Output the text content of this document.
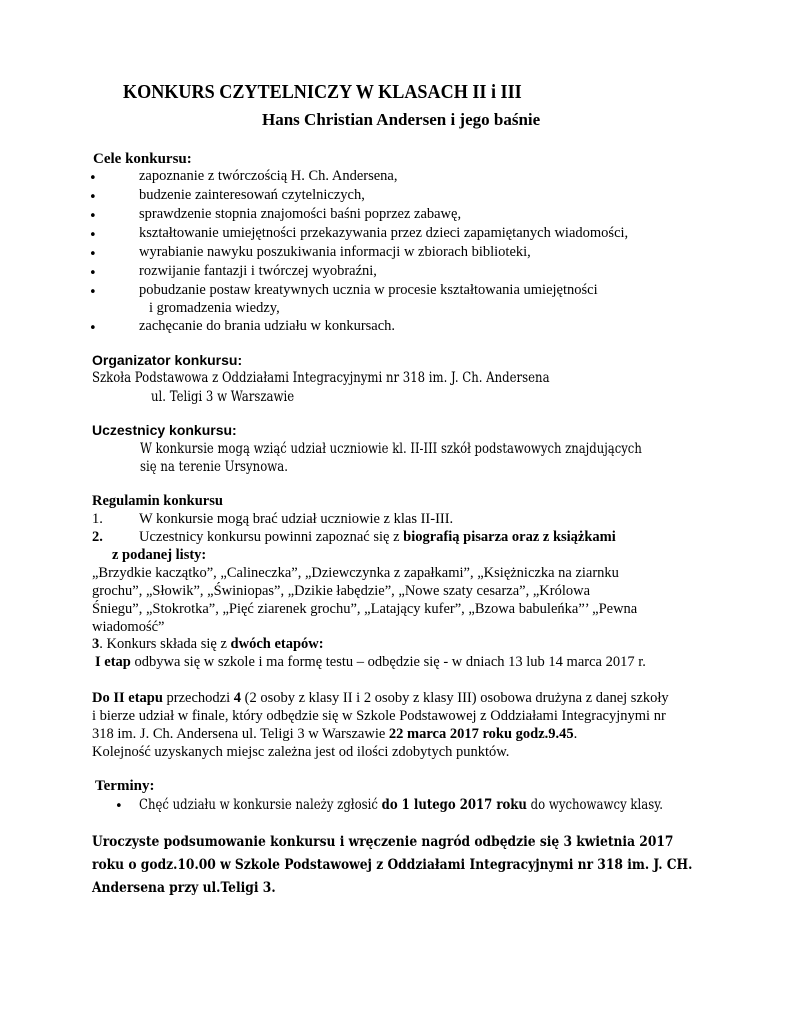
KONKURS CZYTELNICZY W KLASACH II i III
Hans Christian Andersen i jego baśnie
Cele konkursu:
•	zapoznanie z twórczością H. Ch. Andersena,
•	budzenie zainteresowań czytelniczych,
•	sprawdzenie stopnia znajomości baśni poprzez zabawę,
•	kształtowanie umiejętności przekazywania przez dzieci zapamiętanych wiadomości,
•	wyrabianie nawyku poszukiwania informacji w zbiorach biblioteki,
•	rozwijanie fantazji i twórczej wyobraźni,
•	pobudzanie postaw kreatywnych ucznia w procesie kształtowania umiejętności
i gromadzenia wiedzy,
•	zachęcanie do brania udziału w konkursach.
Organizator konkursu:
Szkoła Podstawowa z Oddziałami Integracyjnymi nr 318 im. J. Ch. Andersena
ul. Teligi 3 w Warszawie
Uczestnicy konkursu:
W konkursie mogą wziąć udział uczniowie kl. II-III szkół podstawowych znajdujących
się na terenie Ursynowa.
Regulamin konkursu
1. W konkursie mogą brać udział uczniowie z klas II-III.
2. Uczestnicy konkursu powinni zapoznać się z biografią pisarza oraz z książkami
z podanej listy:
„Brzydkie kaczątko”, „Calineczka”, „Dziewczynka z zapałkami”, „Księżniczka na ziarnku
grochu”, „Słowik”, „Świniopas”, „Dzikie łabędzie”, „Nowe szaty cesarza”, „Królowa
Śniegu”, „Stokrotka”, „Pięć ziarenek grochu”, „Latający kufer”, „Bzowa babuleńka”’ „Pewna
wiadomość”
3. Konkurs składa się z dwóch etapów:
I etap odbywa się w szkole i ma formę testu – odbędzie się - w dniach 13 lub 14 marca 2017 r.
Do II etapu przechodzi 4 (2 osoby z klasy II i 2 osoby z klasy III) osobowa drużyna z danej szkoły
i bierze udział w finale, który odbędzie się w Szkole Podstawowej z Oddziałami Integracyjnymi nr
318 im. J. Ch. Andersena ul. Teligi 3 w Warszawie 22 marca 2017 roku godz.9.45.
Kolejność uzyskanych miejsc zależna jest od ilości zdobytych punktów.
Terminy:
• Chęć udziału w konkursie należy zgłosić do 1 lutego 2017 roku do wychowawcy klasy.
Uroczyste podsumowanie konkursu i wręczenie nagród odbędzie się 3 kwietnia 2017
roku o godz.10.00 w Szkole Podstawowej z Oddziałami Integracyjnymi nr 318 im. J. CH.
Andersena przy ul.Teligi 3.
